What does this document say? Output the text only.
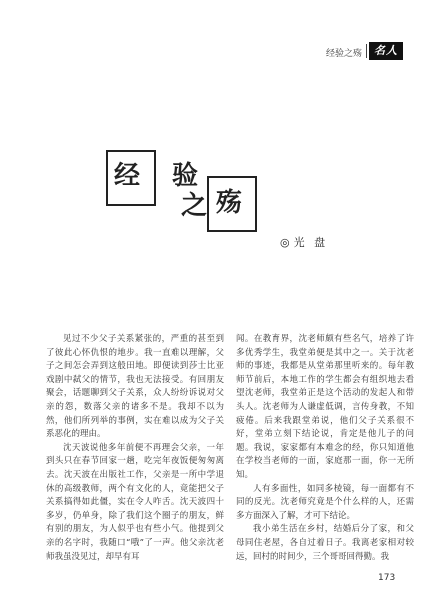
经验之殇	名人
经 验
之 殇
◎ 光 盘

见过不少父子关系紧张的，严重的甚至到了彼此心怀仇恨的地步。我一直难以理解，父子之间怎会弄到这般田地。即便读到莎士比亚戏剧中弑父的情节，我也无法接受。有回朋友聚会，话题聊到父子关系，众人纷纷诉说对父亲的怨，数落父亲的诸多不是。我却不以为然，他们所列举的事例，实在难以成为父子关系恶化的理由。

沈天波说他多年前便不再理会父亲，一年到头只在春节回家一趟，吃完年夜饭便匆匆离去。沈天波在出版社工作，父亲是一所中学退休的高级教师，两个有文化的人，竟能把父子关系搞得如此僵，实在令人咋舌。沈天波四十多岁，仍单身，除了我们这个圈子的朋友，鲜有别的朋友，为人似乎也有些小气。他提到父亲的名字时，我随口“哦”了一声。他父亲沈老师我虽没见过，却早有耳

闻。在教育界，沈老师颇有些名气，培养了许多优秀学生，我堂弟便是其中之一。关于沈老师的事迹，我都是从堂弟那里听来的。每年教师节前后，本地工作的学生都会有组织地去看望沈老师，我堂弟正是这个活动的发起人和带头人。沈老师为人谦虚低调，言传身教，不知疲倦。后来我跟堂弟说，他们父子关系很不好，堂弟立刻下结论说，肯定是他儿子的问题。我说，家家都有本难念的经，你只知道他在学校当老师的一面，家庭那一面，你一无所知。

人有多面性，如同多棱镜，每一面都有不同的反光。沈老师究竟是个什么样的人，还需多方面深入了解，才可下结论。

我小弟生活在乡村，结婚后分了家，和父母同住老屋，各自过着日子。我离老家相对较远，回村的时间少，三个哥哥回得勤。我

173
